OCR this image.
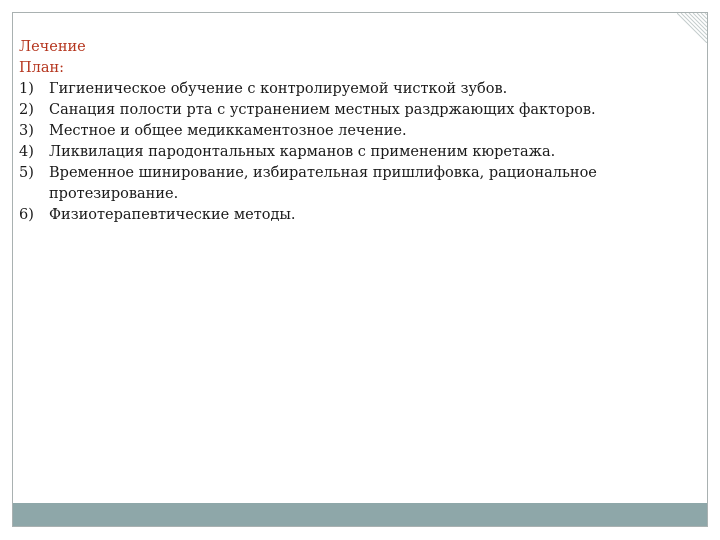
Лечение
План:
1)	Гигиеническое обучение с контролируемой чисткой зубов.
2)	Санация полости рта с устранением местных раздржающих факторов.
3)	Местное и общее медиккаментозное лечение.
4)	Ликвилация пародонтальных карманов с примененим кюретажа.
5)	Временное шинирование, избирательная пришлифовка, рациональное протезирование.
6)	Физиотерапевтические методы.
